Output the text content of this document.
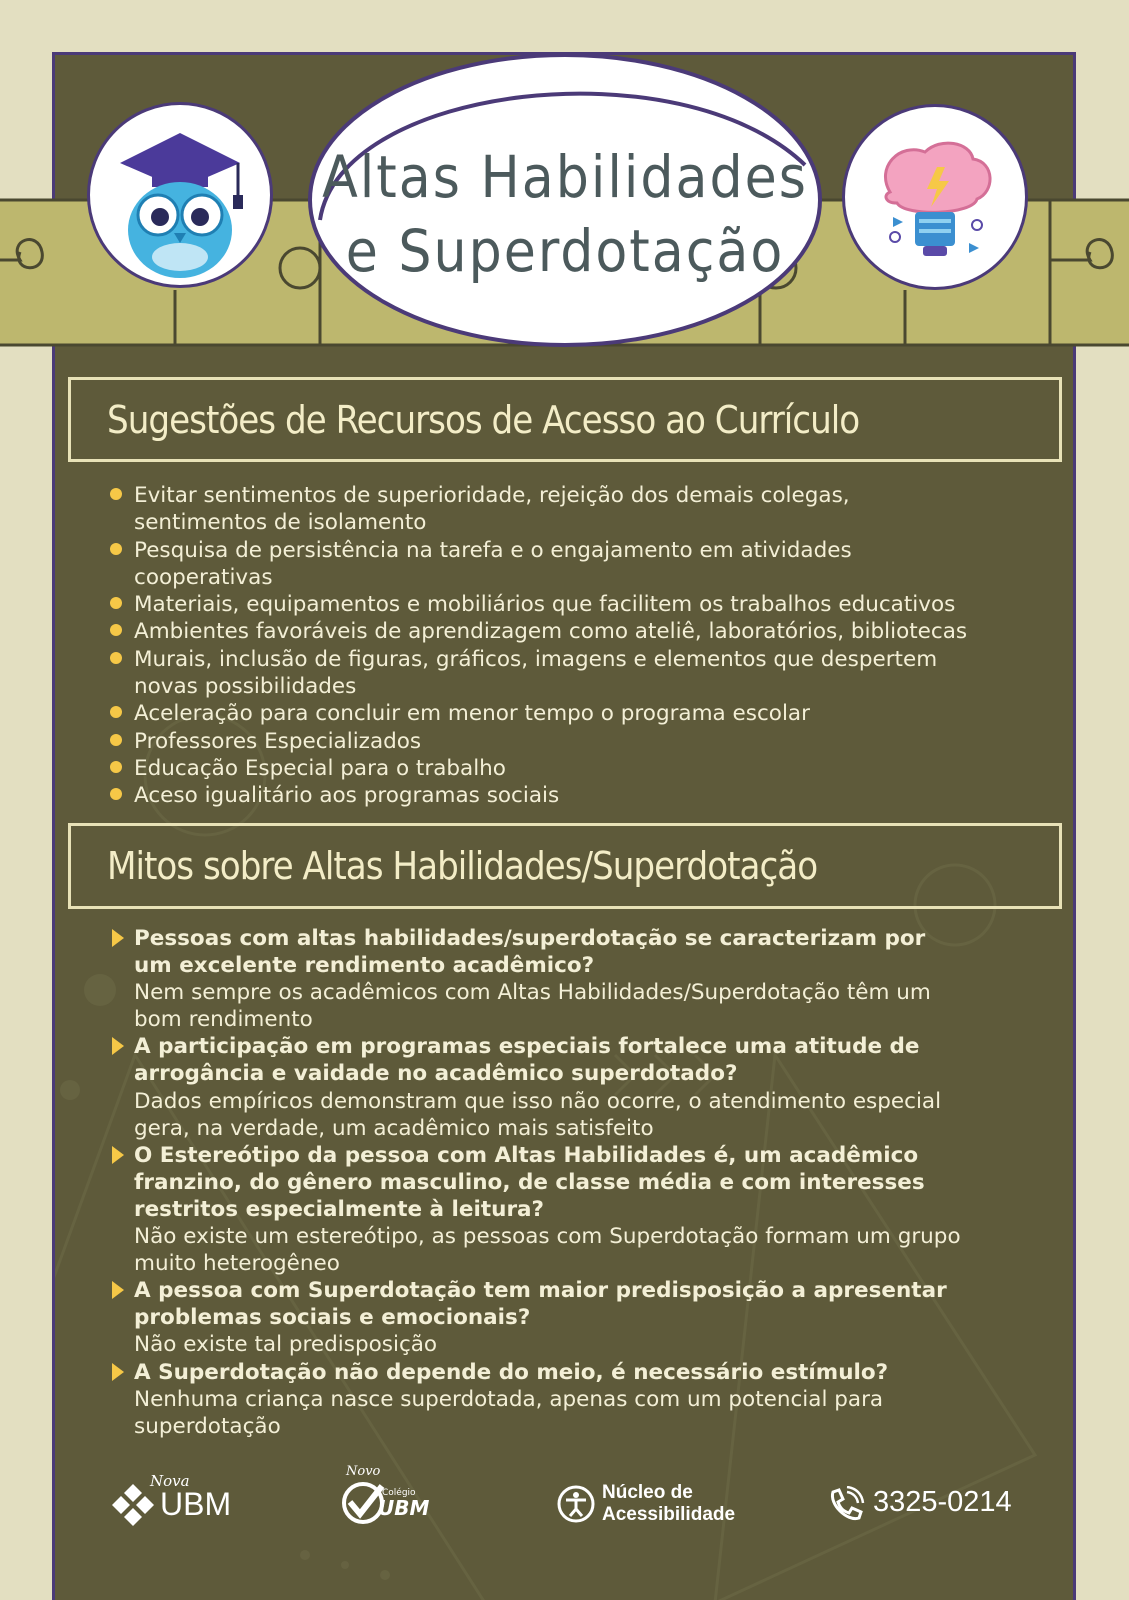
Altas Habilidades
e Superdotação
Sugestões de Recursos de Acesso ao Currículo
Evitar sentimentos de superioridade, rejeição dos demais colegas,
sentimentos de isolamento
Pesquisa de persistência na tarefa e o engajamento em atividades
cooperativas
Materiais, equipamentos e mobiliários que facilitem os trabalhos educativos
Ambientes favoráveis de aprendizagem como ateliê, laboratórios, bibliotecas
Murais, inclusão de figuras, gráficos, imagens e elementos que despertem
novas possibilidades
Aceleração para concluir em menor tempo o programa escolar
Professores Especializados
Educação Especial para o trabalho
Aceso igualitário aos programas sociais
Mitos sobre Altas Habilidades/Superdotação
Pessoas com altas habilidades/superdotação se caracterizam por
um excelente rendimento acadêmico?
Nem sempre os acadêmicos com Altas Habilidades/Superdotação têm um
bom rendimento
A participação em programas especiais fortalece uma atitude de
arrogância e vaidade no acadêmico superdotado?
Dados empíricos demonstram que isso não ocorre, o atendimento especial
gera, na verdade, um acadêmico mais satisfeito
O Estereótipo da pessoa com Altas Habilidades é, um acadêmico
franzino, do gênero masculino, de classe média e com interesses
restritos especialmente à leitura?
Não existe um estereótipo, as pessoas com Superdotação formam um grupo
muito heterogêneo
A pessoa com Superdotação tem maior predisposição a apresentar
problemas sociais e emocionais?
Não existe tal predisposição
A Superdotação não depende do meio, é necessário estímulo?
Nenhuma criança nasce superdotada, apenas com um potencial para
superdotação
Nova
UBM
Novo
Colégio
UBM
Núcleo de
Acessibilidade	3325-0214
